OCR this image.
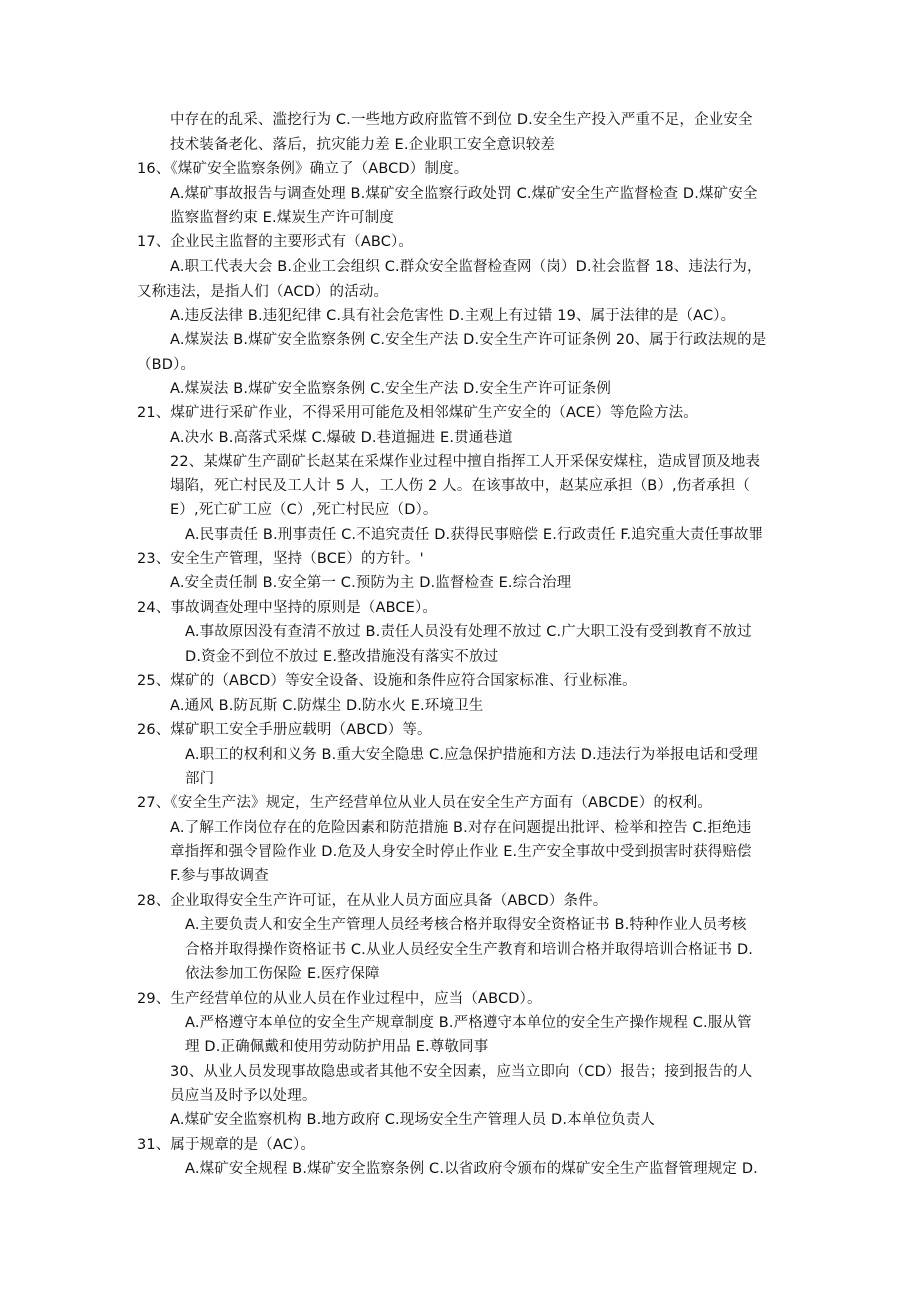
中存在的乱采、滥挖行为 C.一些地方政府监管不到位 D.安全生产投入严重不足，企业安全
技术装备老化、落后，抗灾能力差 E.企业职工安全意识较差
16、《煤矿安全监察条例》确立了（ABCD）制度。
A.煤矿事故报告与调查处理 B.煤矿安全监察行政处罚 C.煤矿安全生产监督检查 D.煤矿安全
监察监督约束 E.煤炭生产许可制度
17、企业民主监督的主要形式有（ABC）。
A.职工代表大会 B.企业工会组织 C.群众安全监督检查网（岗）D.社会监督 18、违法行为，
又称违法，是指人们（ACD）的活动。
A.违反法律 B.违犯纪律 C.具有社会危害性 D.主观上有过错 19、属于法律的是（AC）。
A.煤炭法 B.煤矿安全监察条例 C.安全生产法 D.安全生产许可证条例 20、属于行政法规的是
（BD）。
A.煤炭法 B.煤矿安全监察条例 C.安全生产法 D.安全生产许可证条例
21、煤矿进行采矿作业，不得采用可能危及相邻煤矿生产安全的（ACE）等危险方法。
A.决水 B.高落式采煤 C.爆破 D.巷道掘进 E.贯通巷道
22、某煤矿生产副矿长赵某在采煤作业过程中擅自指挥工人开采保安煤柱，造成冒顶及地表
塌陷，死亡村民及工人计 5 人，工人伤 2 人。在该事故中，赵某应承担（B）,伤者承担（
E）,死亡矿工应（C）,死亡村民应（D）。
A.民事责任 B.刑事责任 C.不追究责任 D.获得民事赔偿 E.行政责任 F.追究重大责任事故罪
23、安全生产管理，坚持（BCE）的方针。'
A.安全责任制 B.安全第一 C.预防为主 D.监督检查 E.综合治理
24、事故调查处理中坚持的原则是（ABCE）。
A.事故原因没有查清不放过 B.责任人员没有处理不放过 C.广大职工没有受到教育不放过
D.资金不到位不放过 E.整改措施没有落实不放过
25、煤矿的（ABCD）等安全设备、设施和条件应符合国家标准、行业标准。
A.通风 B.防瓦斯 C.防煤尘 D.防水火 E.环境卫生
26、煤矿职工安全手册应载明（ABCD）等。
A.职工的权利和义务 B.重大安全隐患 C.应急保护措施和方法 D.违法行为举报电话和受理
部门
27、《安全生产法》规定，生产经营单位从业人员在安全生产方面有（ABCDE）的权利。
A.了解工作岗位存在的危险因素和防范措施 B.对存在问题提出批评、检举和控告 C.拒绝违
章指挥和强令冒险作业 D.危及人身安全时停止作业 E.生产安全事故中受到损害时获得赔偿
F.参与事故调查
28、企业取得安全生产许可证，在从业人员方面应具备（ABCD）条件。
A.主要负责人和安全生产管理人员经考核合格并取得安全资格证书 B.特种作业人员考核
合格并取得操作资格证书 C.从业人员经安全生产教育和培训合格并取得培训合格证书 D.
依法参加工伤保险 E.医疗保障
29、生产经营单位的从业人员在作业过程中，应当（ABCD）。
A.严格遵守本单位的安全生产规章制度 B.严格遵守本单位的安全生产操作规程 C.服从管
理 D.正确佩戴和使用劳动防护用品 E.尊敬同事
30、从业人员发现事故隐患或者其他不安全因素，应当立即向（CD）报告；接到报告的人
员应当及时予以处理。
A.煤矿安全监察机构 B.地方政府 C.现场安全生产管理人员 D.本单位负责人
31、属于规章的是（AC）。
A.煤矿安全规程 B.煤矿安全监察条例 C.以省政府令颁布的煤矿安全生产监督管理规定 D.
